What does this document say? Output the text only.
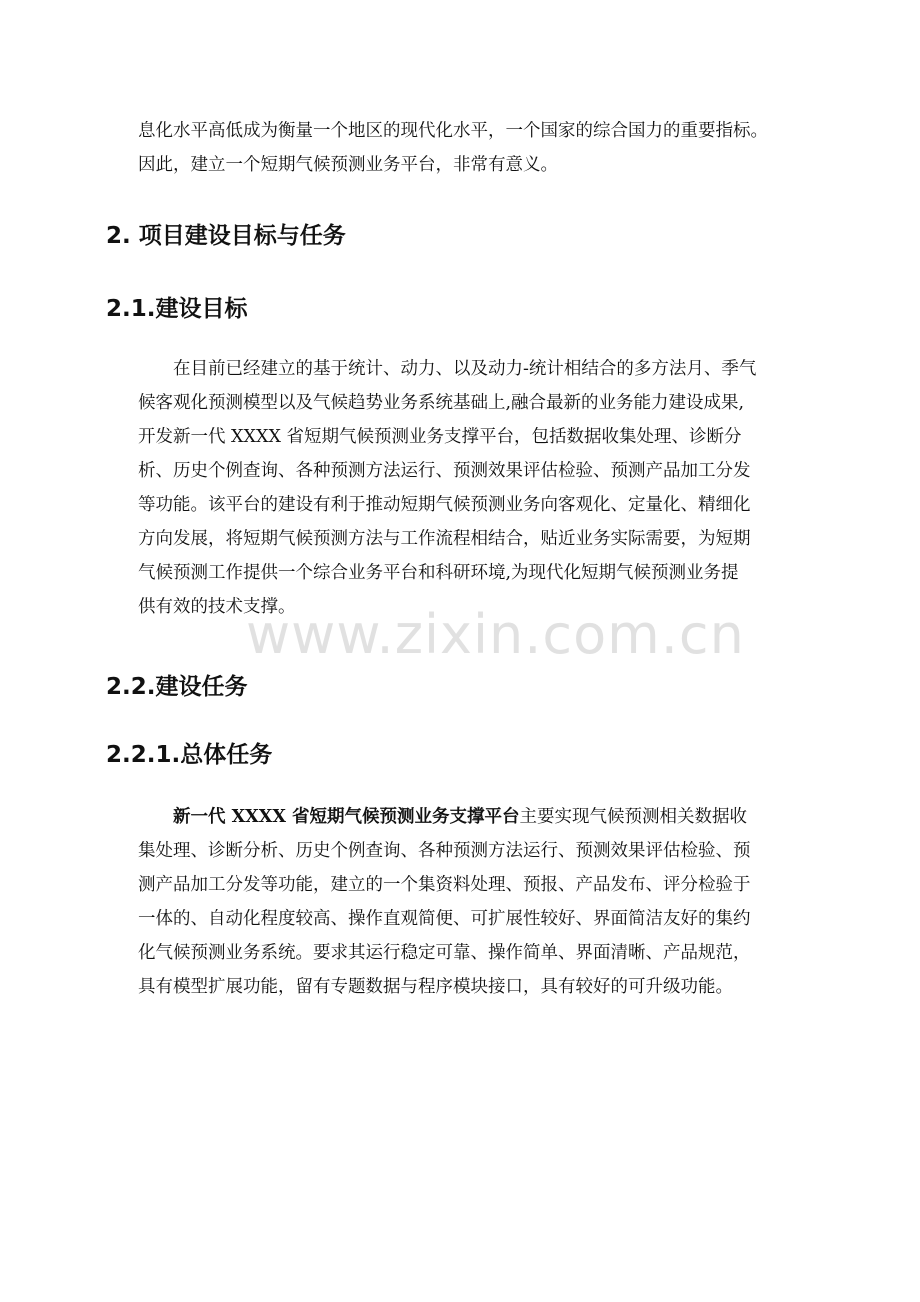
息化水平高低成为衡量一个地区的现代化水平，一个国家的综合国力的重要指标。
因此，建立一个短期气候预测业务平台，非常有意义。
2. 项目建设目标与任务
2.1.建设目标
在目前已经建立的基于统计、动力、以及动力-统计相结合的多方法月、季气
候客观化预测模型以及气候趋势业务系统基础上,融合最新的业务能力建设成果,
开发新一代 XXXX 省短期气候预测业务支撑平台，包括数据收集处理、诊断分
析、历史个例查询、各种预测方法运行、预测效果评估检验、预测产品加工分发
等功能。该平台的建设有利于推动短期气候预测业务向客观化、定量化、精细化
方向发展，将短期气候预测方法与工作流程相结合，贴近业务实际需要，为短期
气候预测工作提供一个综合业务平台和科研环境,为现代化短期气候预测业务提
供有效的技术支撑。
www.zixin.com.cn
2.2.建设任务
2.2.1.总体任务
新一代 XXXX 省短期气候预测业务支撑平台主要实现气候预测相关数据收
集处理、诊断分析、历史个例查询、各种预测方法运行、预测效果评估检验、预
测产品加工分发等功能，建立的一个集资料处理、预报、产品发布、评分检验于
一体的、自动化程度较高、操作直观简便、可扩展性较好、界面简洁友好的集约
化气候预测业务系统。要求其运行稳定可靠、操作简单、界面清晰、产品规范，
具有模型扩展功能，留有专题数据与程序模块接口，具有较好的可升级功能。
